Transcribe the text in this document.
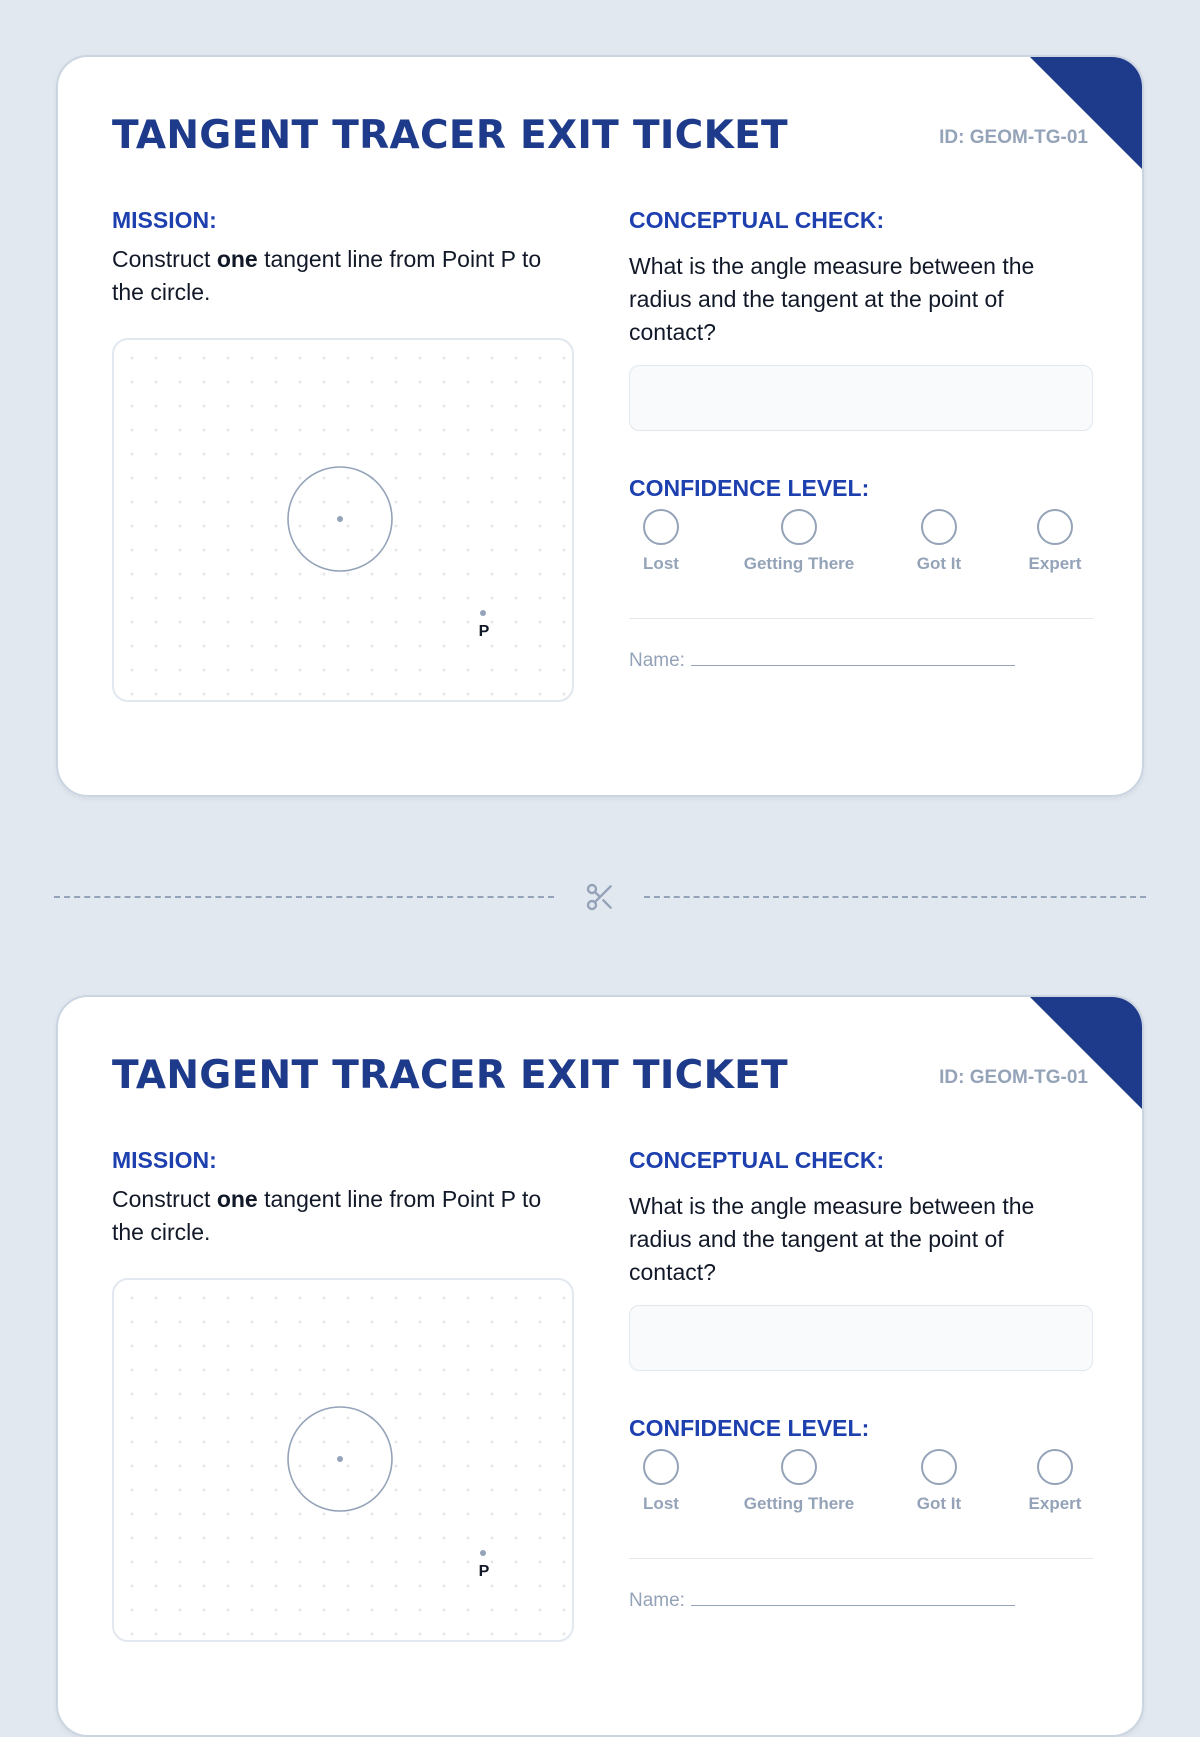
TANGENT TRACER EXIT TICKET	ID: GEOM-TG-01
MISSION:
Construct one tangent line from Point P to the circle.
P
CONCEPTUAL CHECK:
What is the angle measure between the radius and the tangent at the point of contact?
CONFIDENCE LEVEL:
Lost	Getting There	Got It	Expert
Name:
TANGENT TRACER EXIT TICKET	ID: GEOM-TG-01
MISSION:
Construct one tangent line from Point P to the circle.
P
CONCEPTUAL CHECK:
What is the angle measure between the radius and the tangent at the point of contact?
CONFIDENCE LEVEL:
Lost	Getting There	Got It	Expert
Name:
